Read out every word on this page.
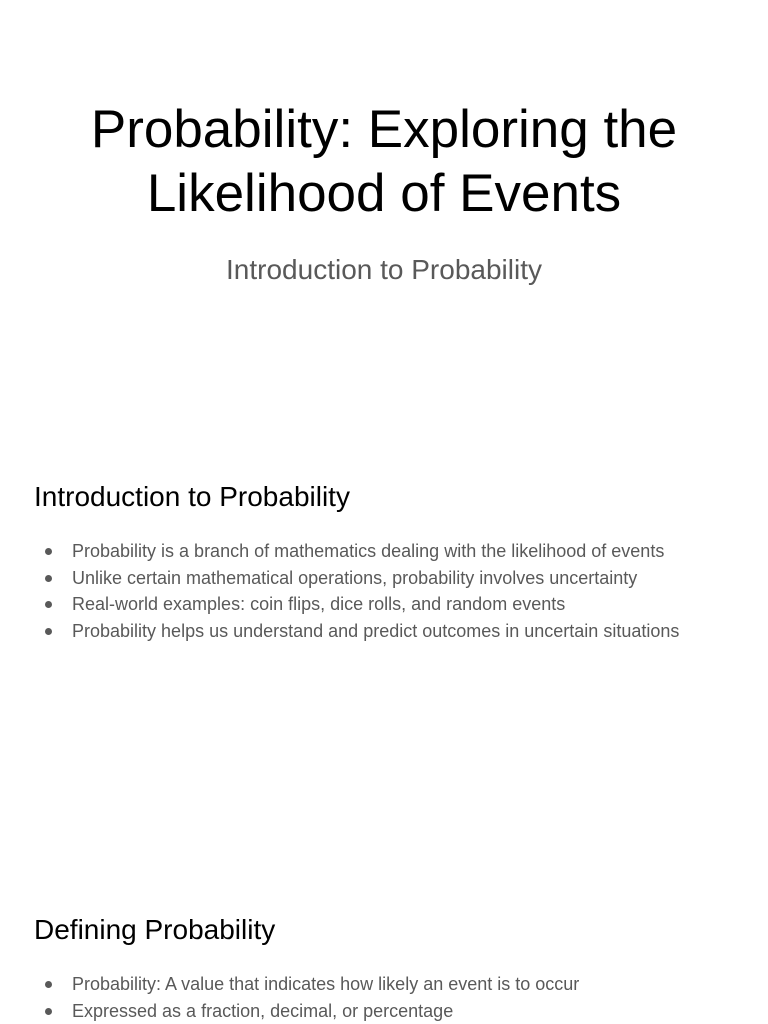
Probability: Exploring the
Likelihood of Events
Introduction to Probability
Introduction to Probability
Probability is a branch of mathematics dealing with the likelihood of events
Unlike certain mathematical operations, probability involves uncertainty
Real-world examples: coin flips, dice rolls, and random events
Probability helps us understand and predict outcomes in uncertain situations
Defining Probability
Probability: A value that indicates how likely an event is to occur
Expressed as a fraction, decimal, or percentage
